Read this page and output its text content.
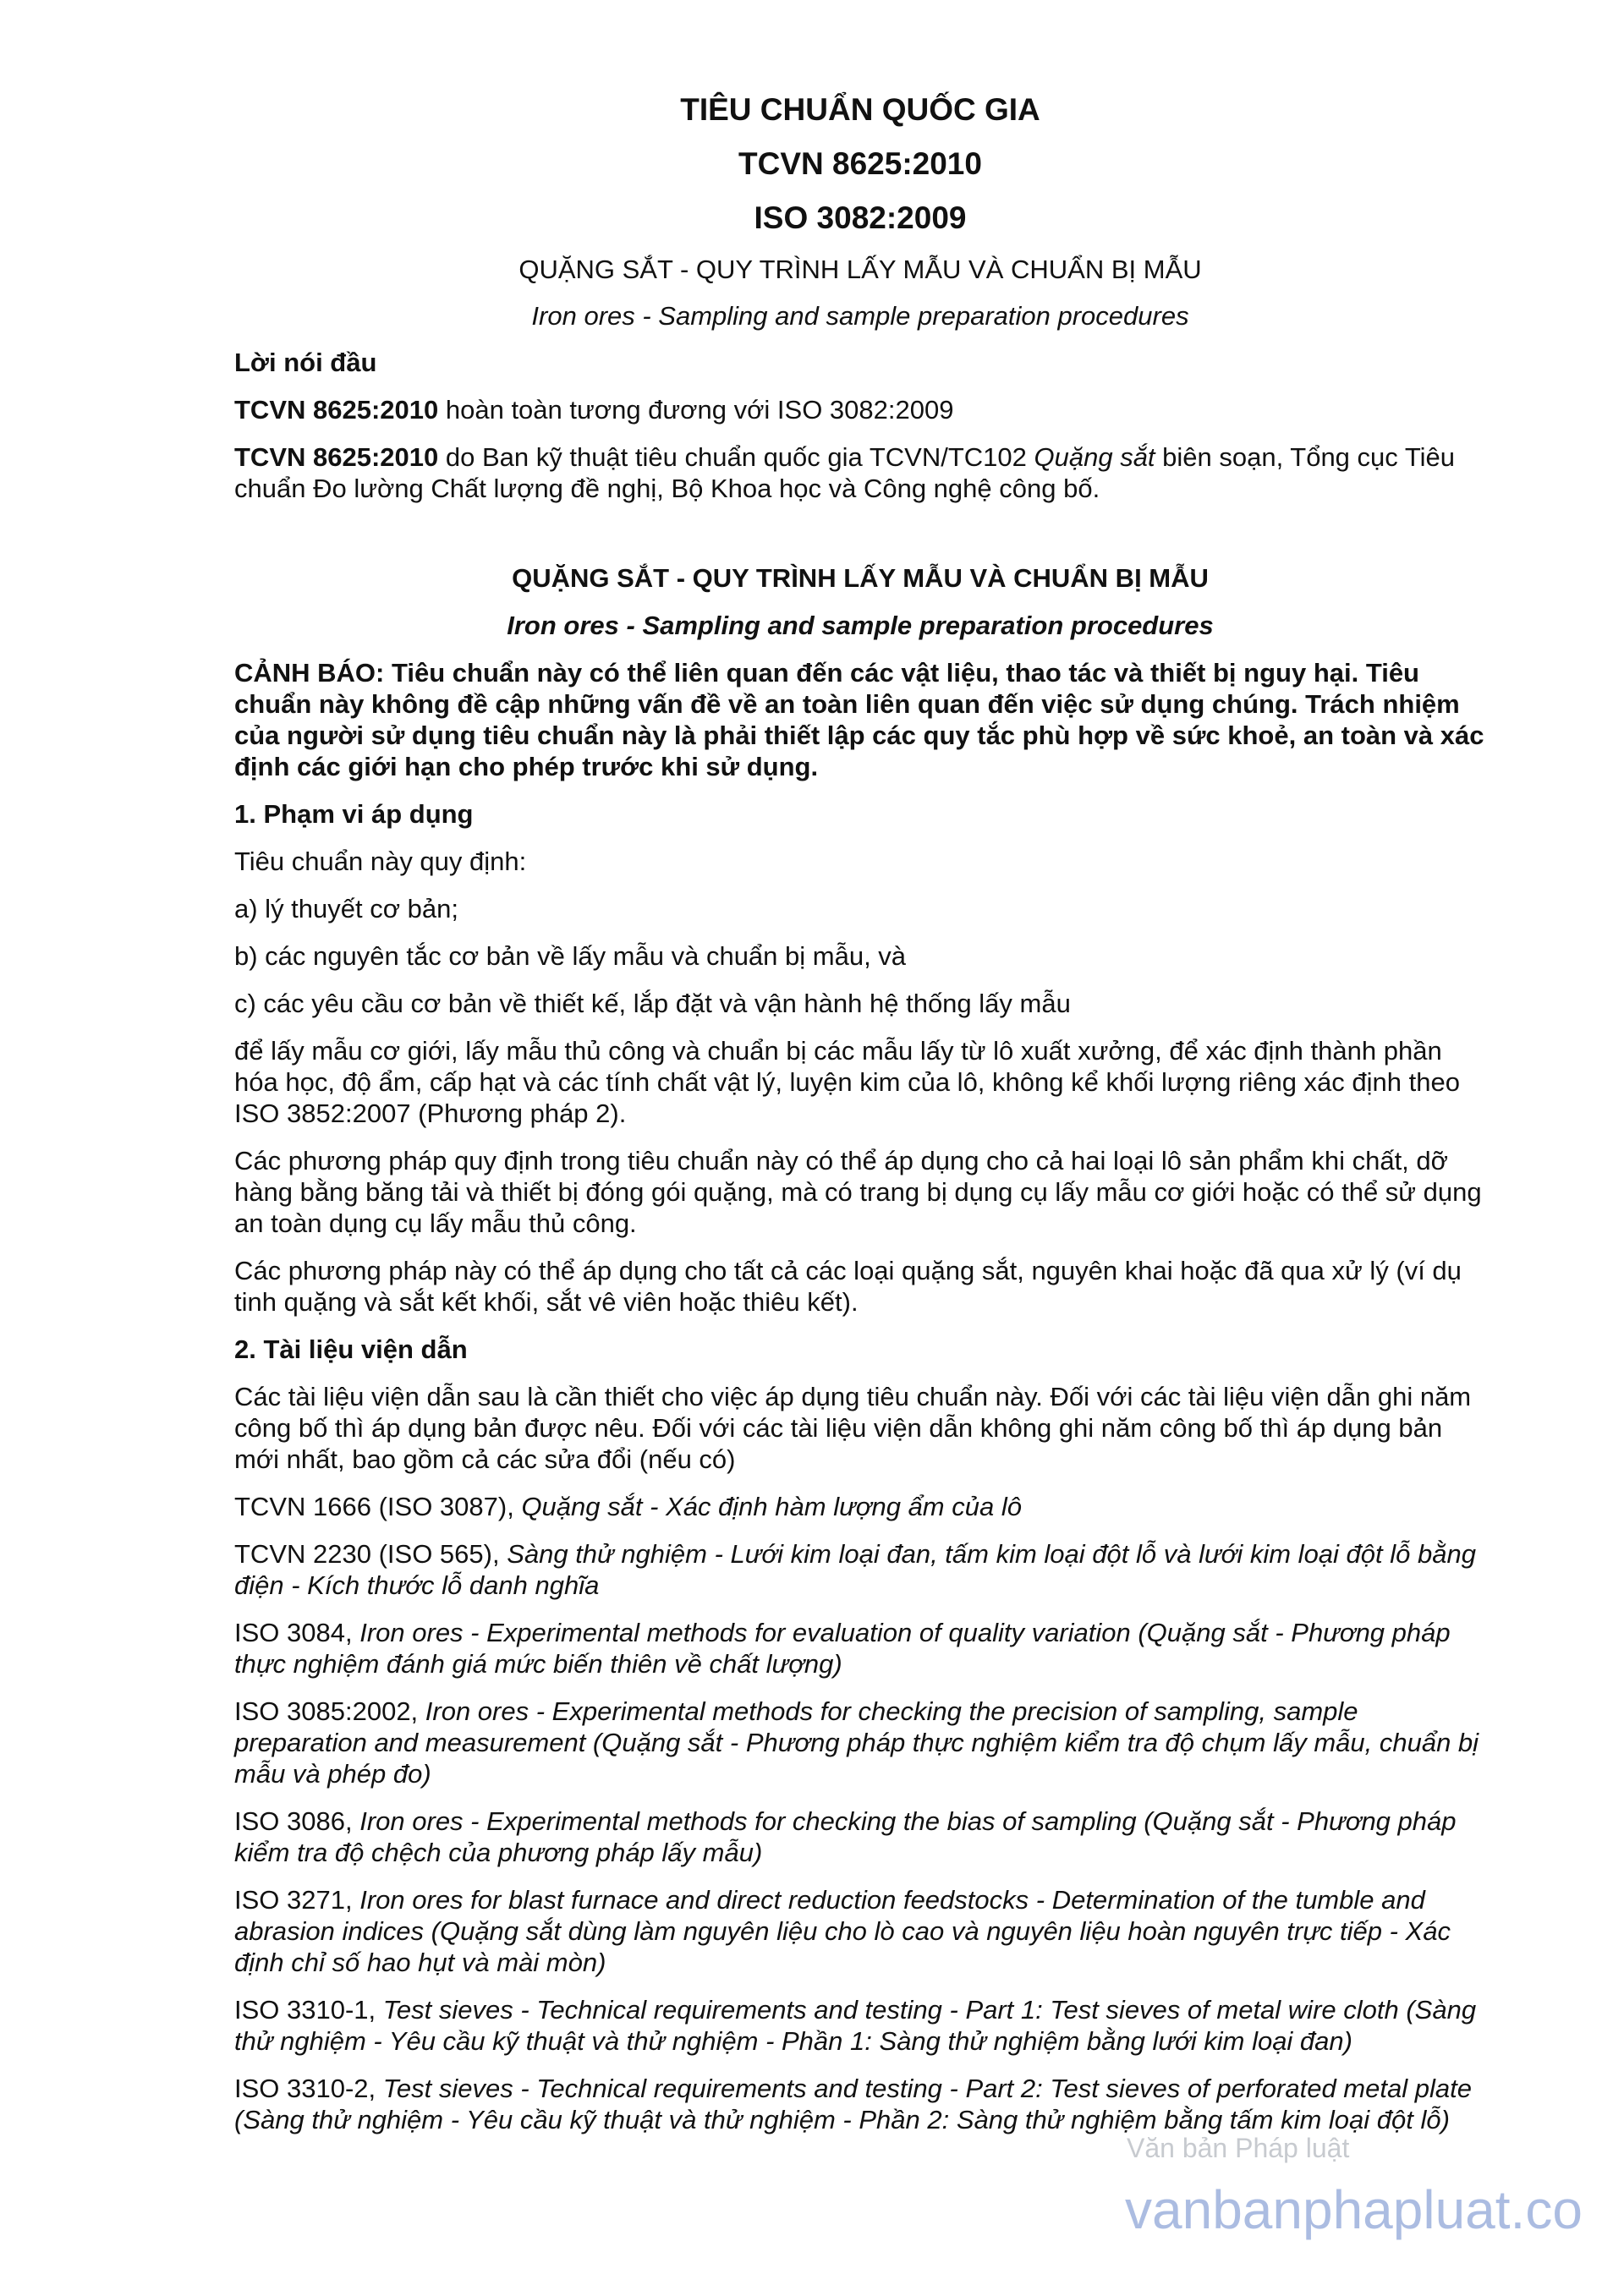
TIÊU CHUẨN QUỐC GIA
TCVN 8625:2010
ISO 3082:2009
QUẶNG SẮT - QUY TRÌNH LẤY MẪU VÀ CHUẨN BỊ MẪU
Iron ores - Sampling and sample preparation procedures

Lời nói đầu

TCVN 8625:2010 hoàn toàn tương đương với ISO 3082:2009

TCVN 8625:2010 do Ban kỹ thuật tiêu chuẩn quốc gia TCVN/TC102 Quặng sắt biên soạn, Tổng cục Tiêu chuẩn Đo lường Chất lượng đề nghị, Bộ Khoa học và Công nghệ công bố.

QUẶNG SẮT - QUY TRÌNH LẤY MẪU VÀ CHUẨN BỊ MẪU

Iron ores - Sampling and sample preparation procedures

CẢNH BÁO: Tiêu chuẩn này có thể liên quan đến các vật liệu, thao tác và thiết bị nguy hại. Tiêu chuẩn này không đề cập những vấn đề về an toàn liên quan đến việc sử dụng chúng. Trách nhiệm của người sử dụng tiêu chuẩn này là phải thiết lập các quy tắc phù hợp về sức khoẻ, an toàn và xác định các giới hạn cho phép trước khi sử dụng.

1. Phạm vi áp dụng

Tiêu chuẩn này quy định:

a) lý thuyết cơ bản;

b) các nguyên tắc cơ bản về lấy mẫu và chuẩn bị mẫu, và

c) các yêu cầu cơ bản về thiết kế, lắp đặt và vận hành hệ thống lấy mẫu

để lấy mẫu cơ giới, lấy mẫu thủ công và chuẩn bị các mẫu lấy từ lô xuất xưởng, để xác định thành phần hóa học, độ ẩm, cấp hạt và các tính chất vật lý, luyện kim của lô, không kể khối lượng riêng xác định theo ISO 3852:2007 (Phương pháp 2).

Các phương pháp quy định trong tiêu chuẩn này có thể áp dụng cho cả hai loại lô sản phẩm khi chất, dỡ hàng bằng băng tải và thiết bị đóng gói quặng, mà có trang bị dụng cụ lấy mẫu cơ giới hoặc có thể sử dụng an toàn dụng cụ lấy mẫu thủ công.

Các phương pháp này có thể áp dụng cho tất cả các loại quặng sắt, nguyên khai hoặc đã qua xử lý (ví dụ tinh quặng và sắt kết khối, sắt vê viên hoặc thiêu kết).

2. Tài liệu viện dẫn

Các tài liệu viện dẫn sau là cần thiết cho việc áp dụng tiêu chuẩn này. Đối với các tài liệu viện dẫn ghi năm công bố thì áp dụng bản được nêu. Đối với các tài liệu viện dẫn không ghi năm công bố thì áp dụng bản mới nhất, bao gồm cả các sửa đổi (nếu có)

TCVN 1666 (ISO 3087), Quặng sắt - Xác định hàm lượng ẩm của lô

TCVN 2230 (ISO 565), Sàng thử nghiệm - Lưới kim loại đan, tấm kim loại đột lỗ và lưới kim loại đột lỗ bằng điện - Kích thước lỗ danh nghĩa

ISO 3084, Iron ores - Experimental methods for evaluation of quality variation (Quặng sắt - Phương pháp thực nghiệm đánh giá mức biến thiên về chất lượng)

ISO 3085:2002, Iron ores - Experimental methods for checking the precision of sampling, sample preparation and measurement (Quặng sắt - Phương pháp thực nghiệm kiểm tra độ chụm lấy mẫu, chuẩn bị mẫu và phép đo)

ISO 3086, Iron ores - Experimental methods for checking the bias of sampling (Quặng sắt - Phương pháp kiểm tra độ chệch của phương pháp lấy mẫu)

ISO 3271, Iron ores for blast furnace and direct reduction feedstocks - Determination of the tumble and abrasion indices (Quặng sắt dùng làm nguyên liệu cho lò cao và nguyên liệu hoàn nguyên trực tiếp - Xác định chỉ số hao hụt và mài mòn)

ISO 3310-1, Test sieves - Technical requirements and testing - Part 1: Test sieves of metal wire cloth (Sàng thử nghiệm - Yêu cầu kỹ thuật và thử nghiệm - Phần 1: Sàng thử nghiệm bằng lưới kim loại đan)

ISO 3310-2, Test sieves - Technical requirements and testing - Part 2: Test sieves of perforated metal plate (Sàng thử nghiệm - Yêu cầu kỹ thuật và thử nghiệm - Phần 2: Sàng thử nghiệm bằng tấm kim loại đột lỗ)

Văn bản Pháp luật
vanbanphapluat.co
